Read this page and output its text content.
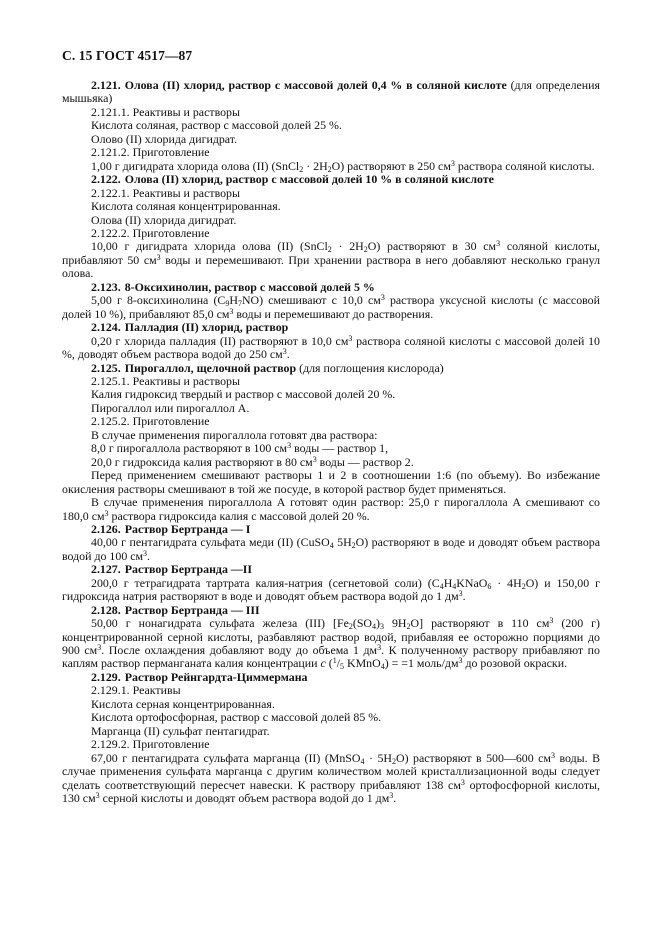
С. 15 ГОСТ 4517—87

2.121. Олова (II) хлорид, раствор с массовой долей 0,4 % в соляной кислоте (для определения мышьяка)

2.121.1. Реактивы и растворы

Кислота соляная, раствор с массовой долей 25 %.

Олово (II) хлорида дигидрат.

2.121.2. Приготовление

1,00 г дигидрата хлорида олова (II) (SnCl$_2$ · $2H_2O$) растворяют в 250 $см^3$ раствора соляной кислоты.

2.122. Олова (II) хлорид, раствор с массовой долей 10 % в соляной кислоте

2.122.1. Реактивы и растворы

Кислота соляная концентрированная.

Олова (II) хлорида дигидрат.

2.122.2. Приготовление

10,00 г дигидрата хлорида олова (II) (SnCl$_2$ · $2H_2O$) растворяют в 30 $см^3$ соляной кислоты, прибавляют 50 $см^3$ воды и перемешивают. При хранении раствора в него добавляют несколько гранул олова.

2.123. 8-Оксихинолин, раствор с массовой долей 5 %

5,00 г 8-оксихинолина $(C_9H_7NO)$ смешивают с 10,0 $см^3$ раствора уксусной кислоты (с массовой долей 10 %), прибавляют 85,0 $см^3$ воды и перемешивают до растворения.

2.124. Палладия (II) хлорид, раствор

0,20 г хлорида палладия (II) растворяют в 10,0 $см^3$ раствора соляной кислоты с массовой долей 10 %, доводят объем раствора водой до 250 $см^3$.

2.125. Пирогаллол, щелочной раствор (для поглощения кислорода)

2.125.1. Реактивы и растворы

Калия гидроксид твердый и раствор с массовой долей 20 %.

Пирогаллол или пирогаллол А.

2.125.2. Приготовление

В случае применения пирогаллола готовят два раствора:

8,0 г пирогаллола растворяют в 100 $см^3$ воды — раствор 1,

20,0 г гидроксида калия растворяют в 80 $см^3$ воды — раствор 2.

Перед применением смешивают растворы 1 и 2 в соотношении 1:6 (по объему). Во избежание окисления растворы смешивают в той же посуде, в которой раствор будет применяться.

В случае применения пирогаллола А готовят один раствор: 25,0 г пирогаллола А смешивают со 180,0 $см^3$ раствора гидроксида калия с массовой долей 20 %.

2.126. Раствор Бертранда — I

40,00 г пентагидрата сульфата меди (II) (CuSO$_4$ $5H_2O$) растворяют в воде и доводят объем раствора водой до 100 $см^3$.

2.127. Раствор Бертранда —II

200,0 г тетрагидрата тартрата калия-натрия (сегнетовой соли) $(C_4H_4KNaO_6 \cdot 4H_2O)$ и 150,00 г гидроксида натрия растворяют в воде и доводят объем раствора водой до 1 $дм^3$.

2.128. Раствор Бертранда — III

50,00 г нонагидрата сульфата железа (III) [$Fe_2(SO_4)_3$ $9H_2O$] растворяют в 110 $см^3$ (200 г) концентрированной серной кислоты, разбавляют раствор водой, прибавляя ее осторожно порциями до 900 $см^3$. После охлаждения добавляют воду до объема 1 $дм^3$. К полученному раствору прибавляют по каплям раствор перманганата калия концентрации c ($^1/_5$ KMnO$_4$) = =1 моль/$дм^3$ до розовой окраски.

2.129. Раствор Рейнгардта-Циммермана

2.129.1. Реактивы

Кислота серная концентрированная.

Кислота ортофосфорная, раствор с массовой долей 85 %.

Марганца (II) сульфат пентагидрат.

2.129.2. Приготовление

67,00 г пентагидрата сульфата марганца (II) (MnSO$_4$ · $5H_2O$) растворяют в 500—600 $см^3$ воды. В случае применения сульфата марганца с другим количеством молей кристаллизационной воды следует сделать соответствующий пересчет навески. К раствору прибавляют 138 $см^3$ ортофосфорной кислоты, 130 $см^3$ серной кислоты и доводят объем раствора водой до 1 $дм^3$.
